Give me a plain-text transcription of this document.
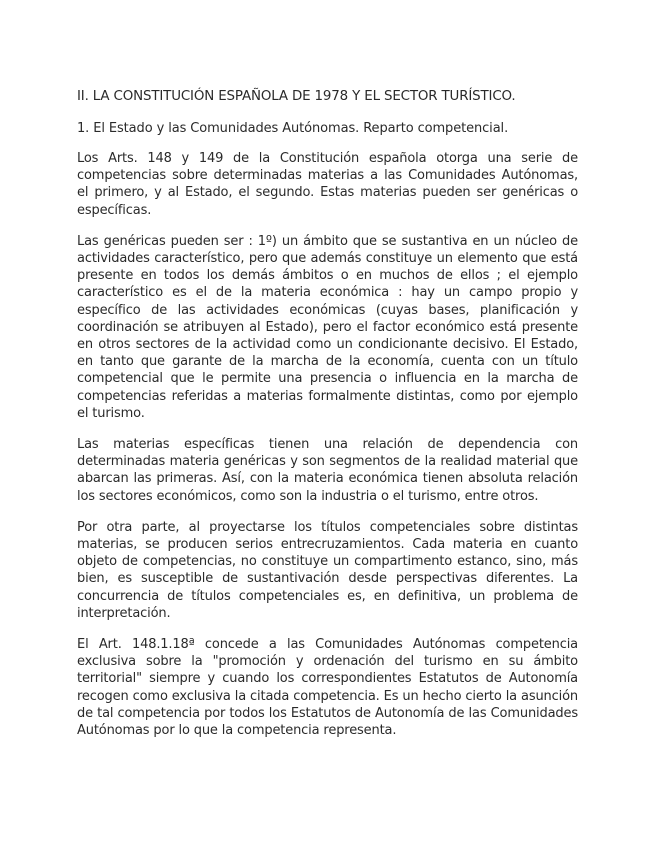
II. LA CONSTITUCIÓN ESPAÑOLA DE 1978 Y EL SECTOR TURÍSTICO.
1. El Estado y las Comunidades Autónomas. Reparto competencial.

Los Arts. 148 y 149 de la Constitución española otorga una serie de competencias sobre determinadas materias a las Comunidades Autónomas, el primero, y al Estado, el segundo. Estas materias pueden ser genéricas o específicas.

Las genéricas pueden ser : 1º) un ámbito que se sustantiva en un núcleo de actividades característico, pero que además constituye un elemento que está presente en todos los demás ámbitos o en muchos de ellos ; el ejemplo característico es el de la materia económica : hay un campo propio y específico de las actividades económicas (cuyas bases, planificación y coordinación se atribuyen al Estado), pero el factor económico está presente en otros sectores de la actividad como un condicionante decisivo. El Estado, en tanto que garante de la marcha de la economía, cuenta con un título competencial que le permite una presencia o influencia en la marcha de competencias referidas a materias formalmente distintas, como por ejemplo el turismo.

Las materias específicas tienen una relación de dependencia con determinadas materia genéricas y son segmentos de la realidad material que abarcan las primeras. Así, con la materia económica tienen absoluta relación los sectores económicos, como son la industria o el turismo, entre otros.

Por otra parte, al proyectarse los títulos competenciales sobre distintas materias, se producen serios entrecruzamientos. Cada materia en cuanto objeto de competencias, no constituye un compartimento estanco, sino, más bien, es susceptible de sustantivación desde perspectivas diferentes. La concurrencia de títulos competenciales es, en definitiva, un problema de interpretación.

El Art. 148.1.18ª concede a las Comunidades Autónomas competencia exclusiva sobre la "promoción y ordenación del turismo en su ámbito territorial" siempre y cuando los correspondientes Estatutos de Autonomía recogen como exclusiva la citada competencia. Es un hecho cierto la asunción de tal competencia por todos los Estatutos de Autonomía de las Comunidades Autónomas por lo que la competencia representa.
